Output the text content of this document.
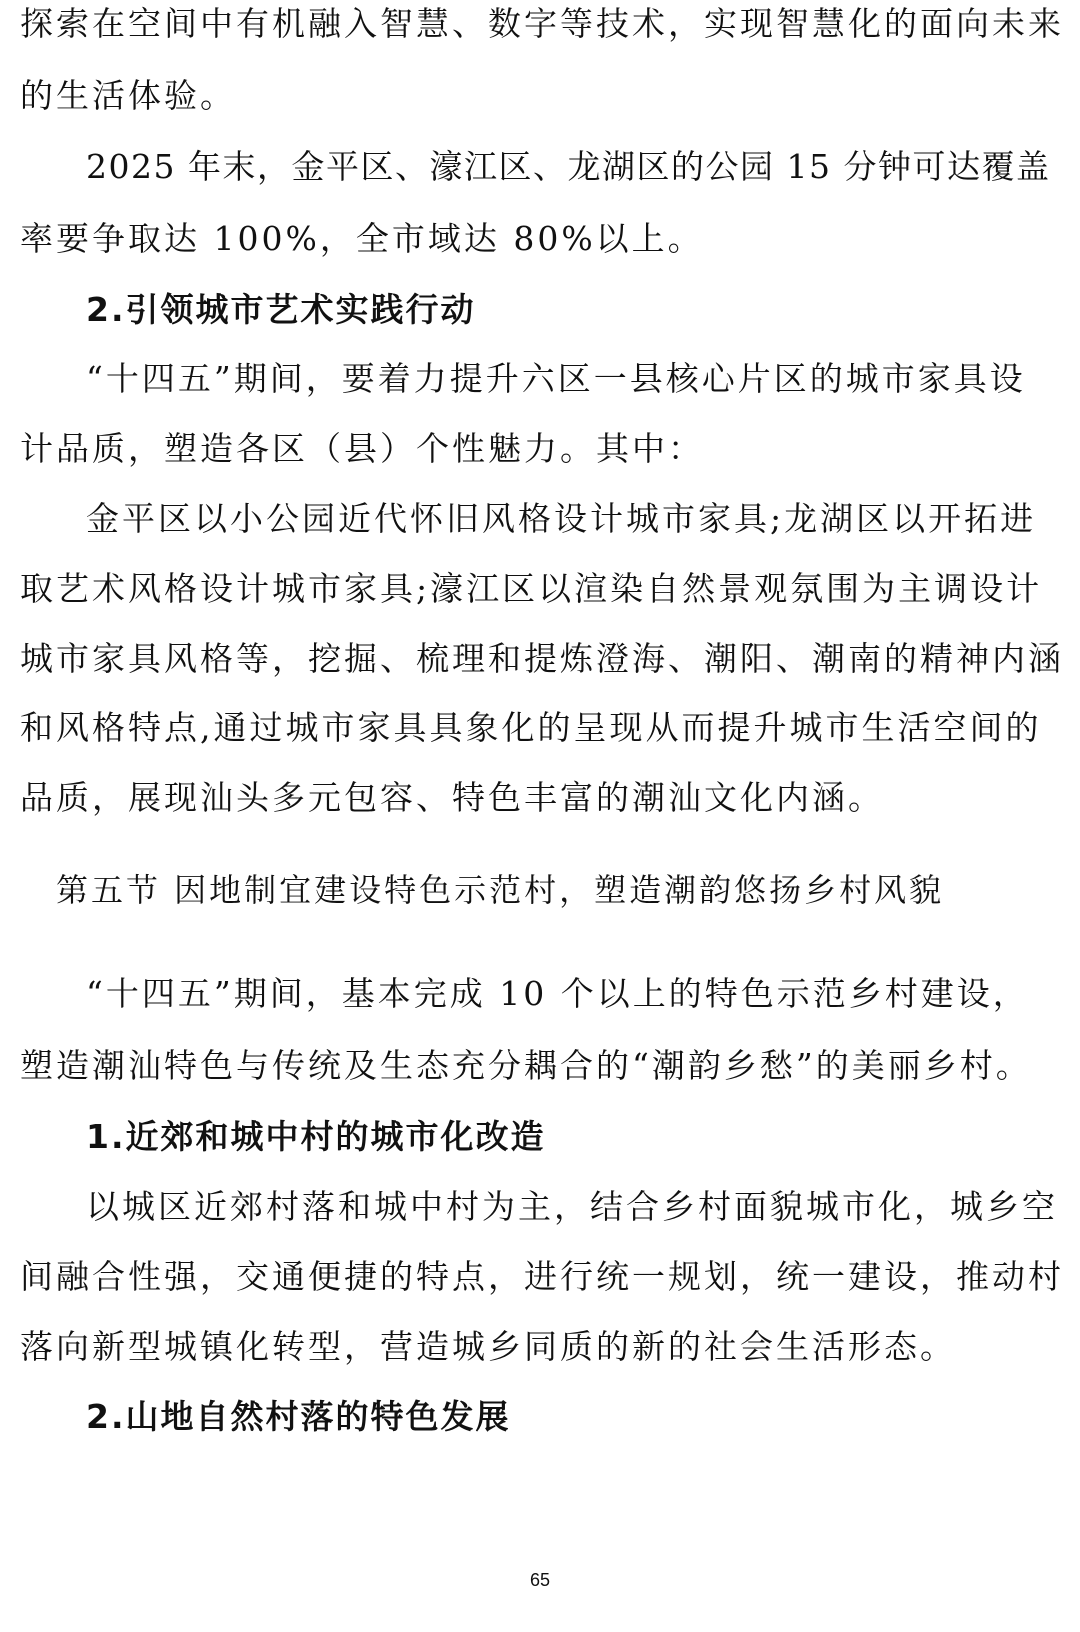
探索在空间中有机融入智慧、数字等技术，实现智慧化的面向未来
的生活体验。
2025 年末，金平区、濠江区、龙湖区的公园 15 分钟可达覆盖
率要争取达 100%，全市域达 80%以上。
2.引领城市艺术实践行动
“十四五”期间，要着力提升六区一县核心片区的城市家具设
计品质，塑造各区（县）个性魅力。其中：
金平区以小公园近代怀旧风格设计城市家具;龙湖区以开拓进
取艺术风格设计城市家具;濠江区以渲染自然景观氛围为主调设计
城市家具风格等，挖掘、梳理和提炼澄海、潮阳、潮南的精神内涵
和风格特点,通过城市家具具象化的呈现从而提升城市生活空间的
品质，展现汕头多元包容、特色丰富的潮汕文化内涵。
第五节 因地制宜建设特色示范村，塑造潮韵悠扬乡村风貌
“十四五”期间，基本完成 10 个以上的特色示范乡村建设，
塑造潮汕特色与传统及生态充分耦合的“潮韵乡愁”的美丽乡村。
1.近郊和城中村的城市化改造
以城区近郊村落和城中村为主，结合乡村面貌城市化，城乡空
间融合性强，交通便捷的特点，进行统一规划，统一建设，推动村
落向新型城镇化转型，营造城乡同质的新的社会生活形态。
2.山地自然村落的特色发展
65
